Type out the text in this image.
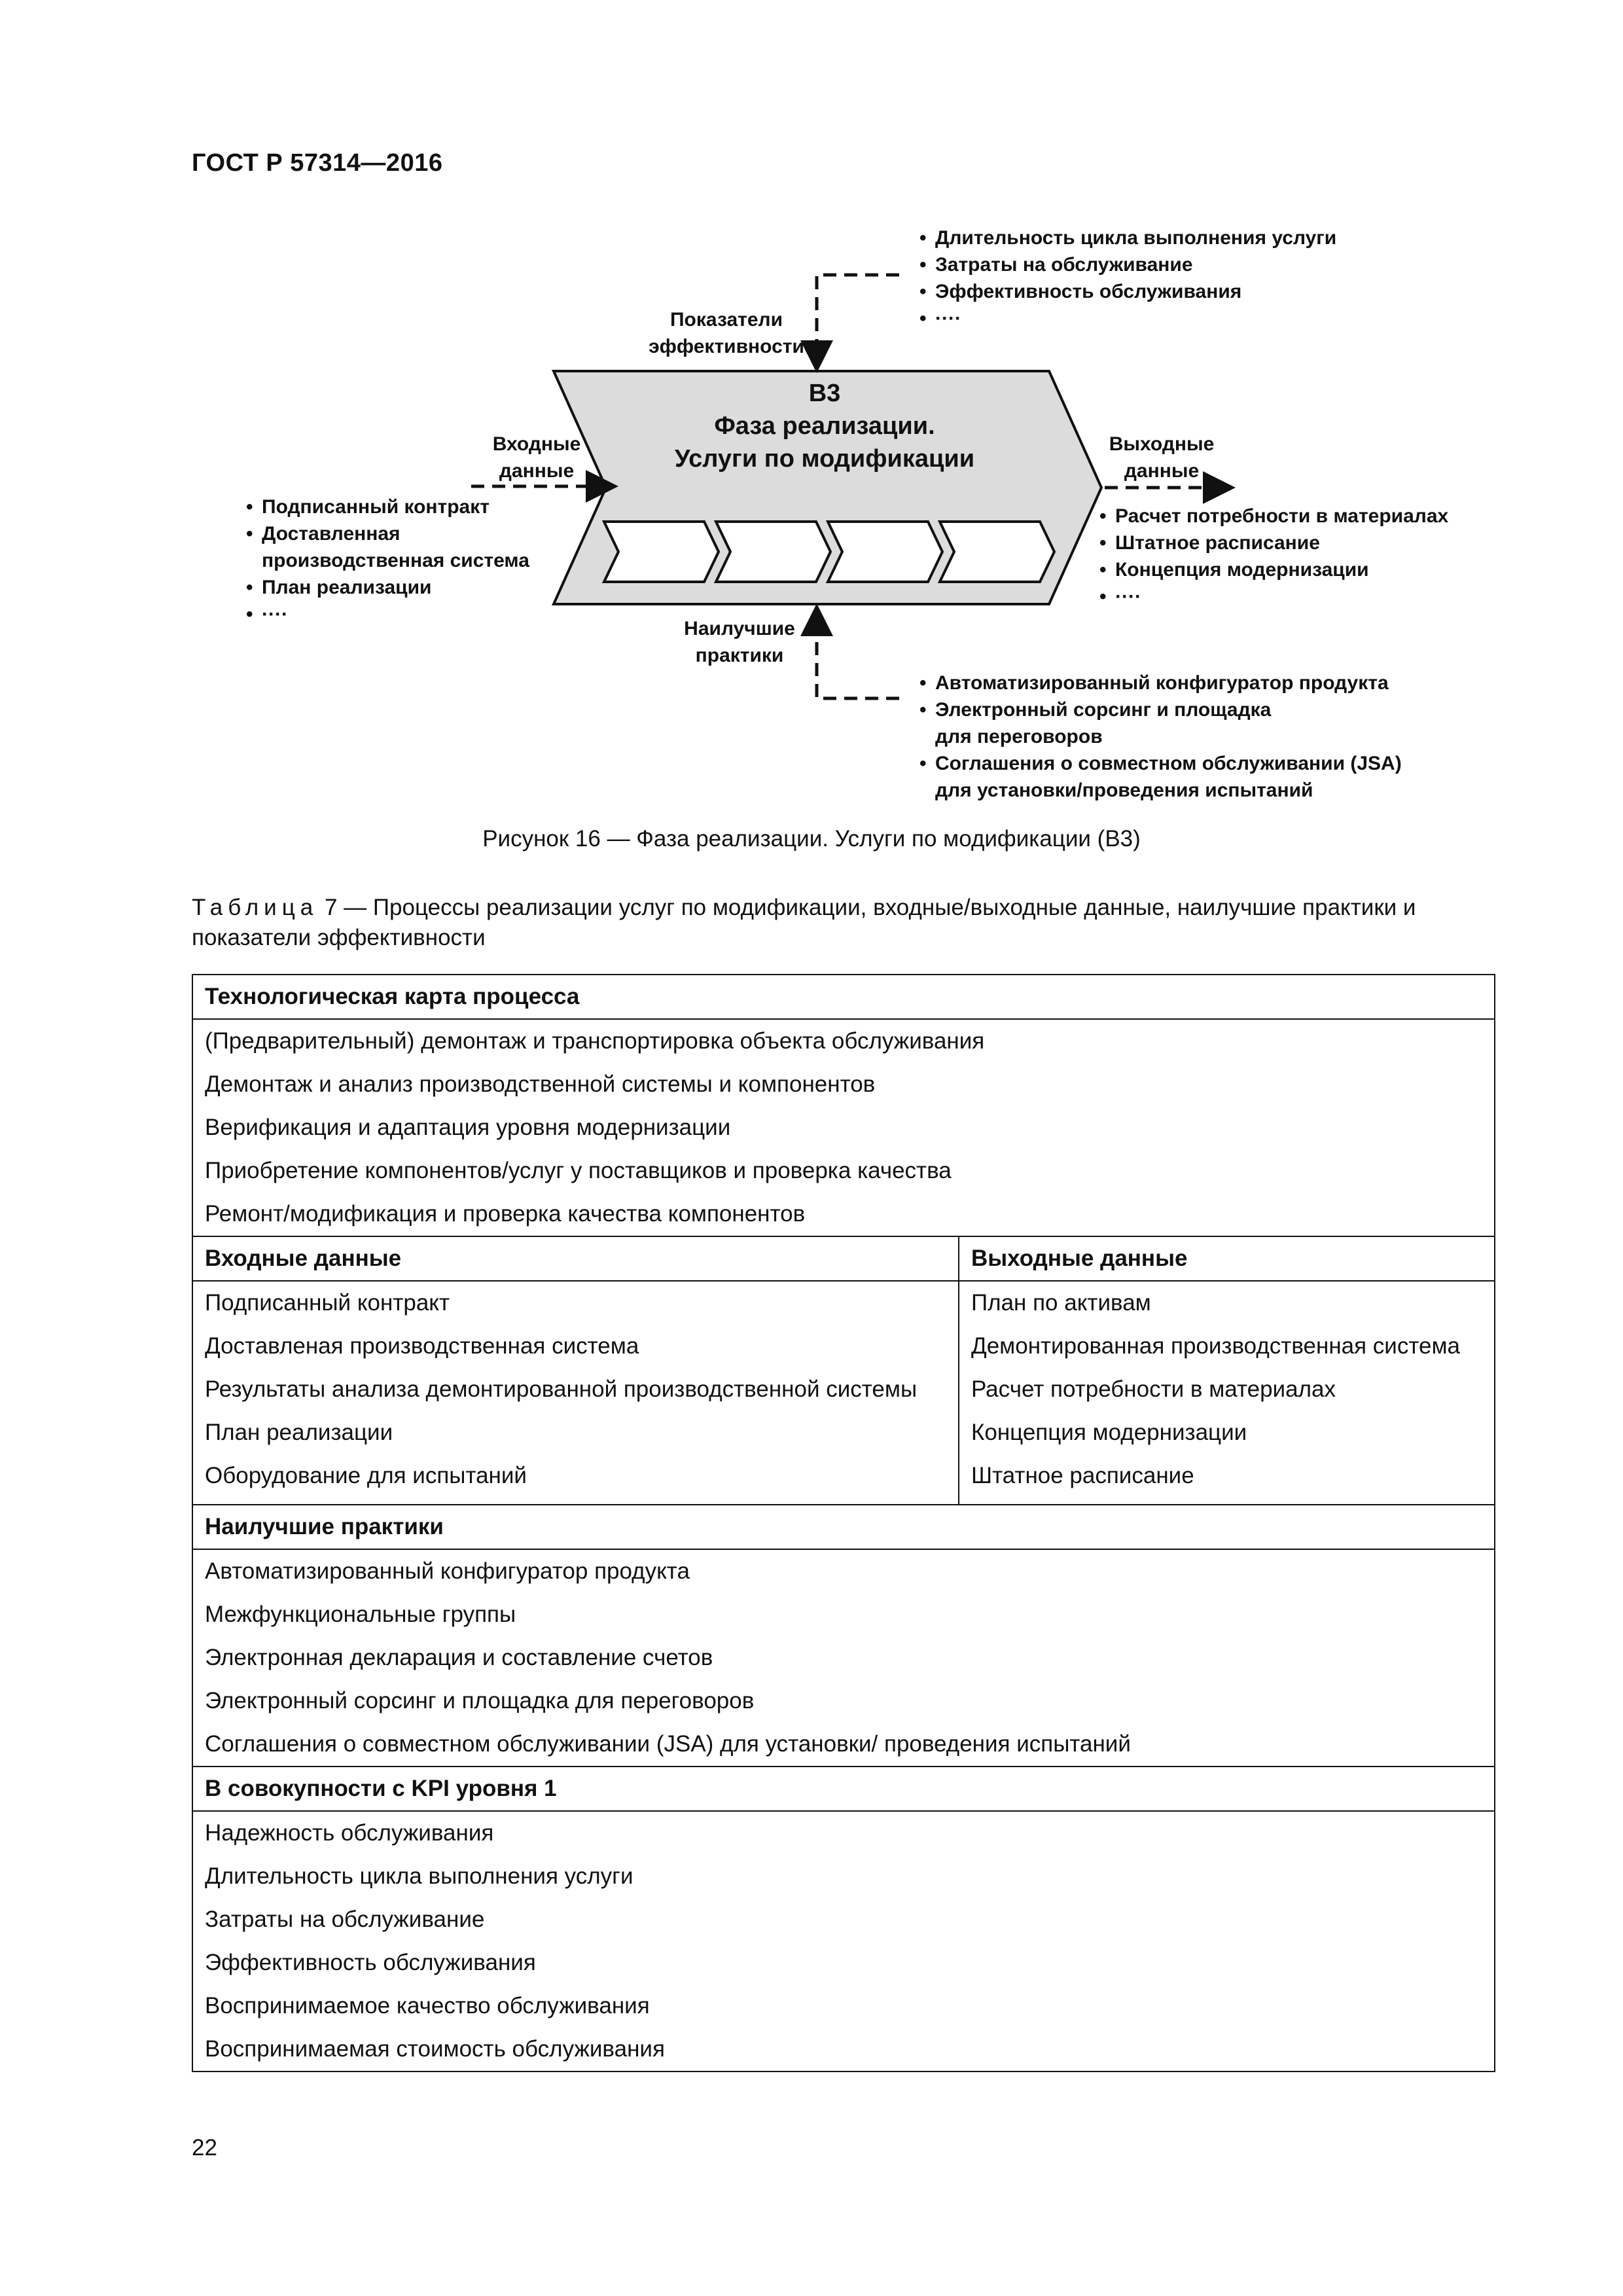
ГОСТ Р 57314—2016
Показатели
эффективности
• Длительность цикла выполнения услуги
• Затраты на обслуживание
• Эффективность обслуживания
• ····
В3
Фаза реализации.
Услуги по модификации
Входные
данные
• Подписанный контракт
• Доставленная
производственная система
• План реализации
• ····
Выходные
данные
• Расчет потребности в материалах
• Штатное расписание
• Концепция модернизации
• ····
Наилучшие
практики
• Автоматизированный конфигуратор продукта
• Электронный сорсинг и площадка
для переговоров
• Соглашения о совместном обслуживании (JSA)
для установки/проведения испытаний
Рисунок 16 — Фаза реализации. Услуги по модификации (В3)
Таблица 7 — Процессы реализации услуг по модификации, входные/выходные данные, наилучшие практики и показатели эффективности
Технологическая карта процесса
(Предварительный) демонтаж и транспортировка объекта обслуживания
Демонтаж и анализ производственной системы и компонентов
Верификация и адаптация уровня модернизации
Приобретение компонентов/услуг у поставщиков и проверка качества
Ремонт/модификация и проверка качества компонентов
Входные данные	Выходные данные
Подписанный контракт
Доставленая производственная система
Результаты анализа демонтированной производственной системы
План реализации
Оборудование для испытаний
План по активам
Демонтированная производственная система
Расчет потребности в материалах
Концепция модернизации
Штатное расписание
Наилучшие практики
Автоматизированный конфигуратор продукта
Межфункциональные группы
Электронная декларация и составление счетов
Электронный сорсинг и площадка для переговоров
Соглашения о совместном обслуживании (JSA) для установки/ проведения испытаний
В совокупности с KPI уровня 1
Надежность обслуживания
Длительность цикла выполнения услуги
Затраты на обслуживание
Эффективность обслуживания
Воспринимаемое качество обслуживания
Воспринимаемая стоимость обслуживания
22
